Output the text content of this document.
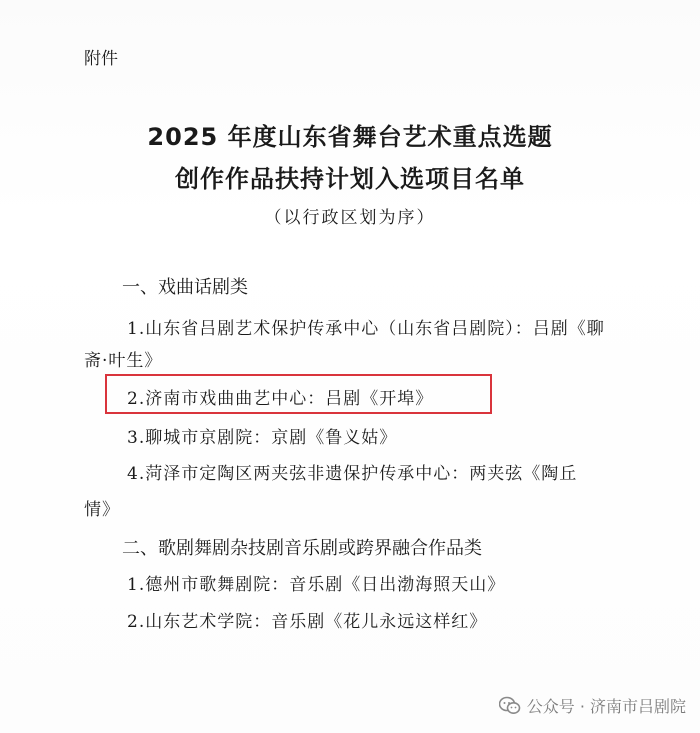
附件
2025 年度山东省舞台艺术重点选题
创作作品扶持计划入选项目名单
（以行政区划为序）
一、戏曲话剧类
1.山东省吕剧艺术保护传承中心（山东省吕剧院）：吕剧《聊
斋·叶生》
2.济南市戏曲曲艺中心：吕剧《开埠》
3.聊城市京剧院：京剧《鲁义姑》
4.菏泽市定陶区两夹弦非遗保护传承中心：两夹弦《陶丘
情》
二、歌剧舞剧杂技剧音乐剧或跨界融合作品类
1.德州市歌舞剧院：音乐剧《日出渤海照天山》
2.山东艺术学院：音乐剧《花儿永远这样红》
公众号 · 济南市吕剧院
